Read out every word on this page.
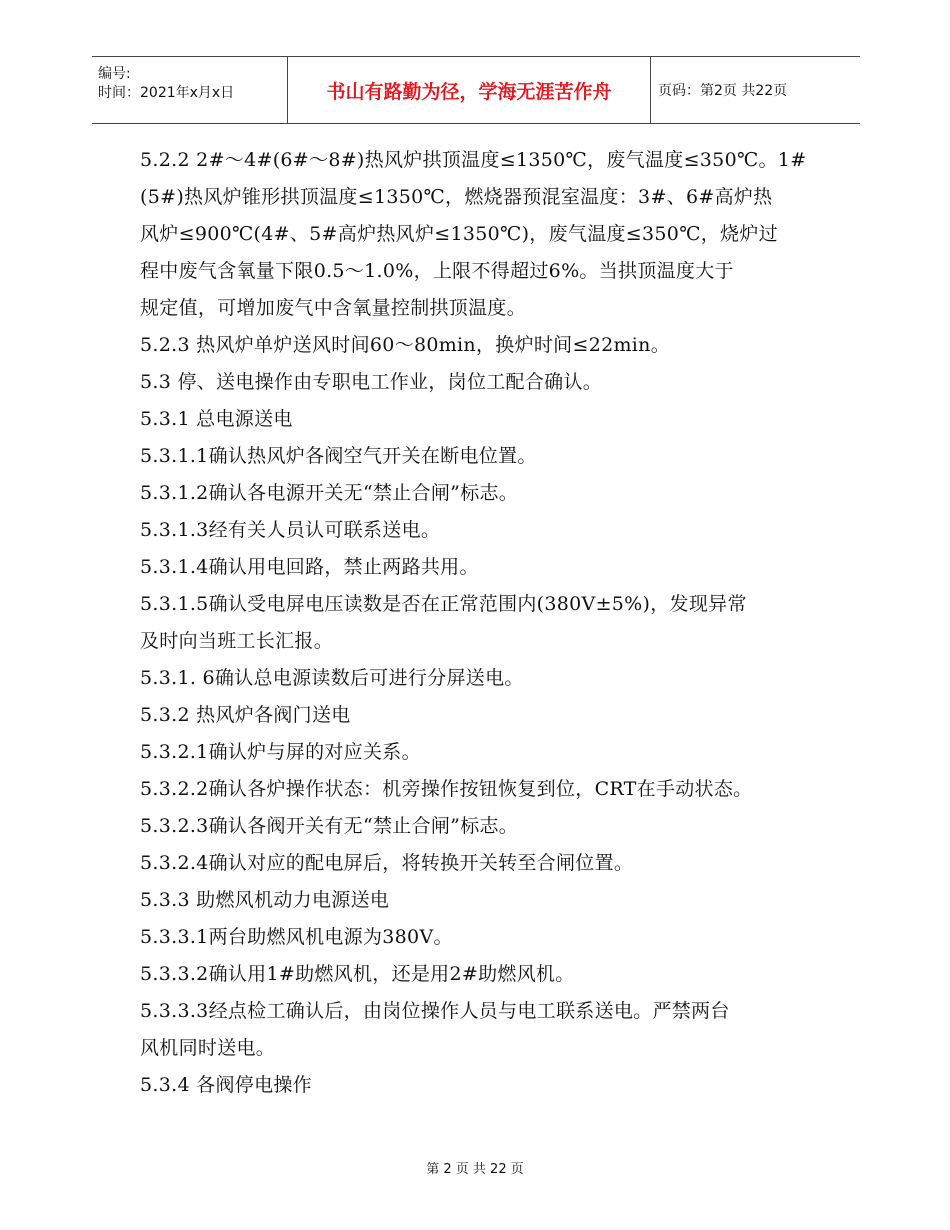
编号:
时间：2021年x月x日	书山有路勤为径，学海无涯苦作舟	页码：第2页 共22页
5.2.2 2#～4#(6#～8#)热风炉拱顶温度≤1350℃，废气温度≤350℃。1#
(5#)热风炉锥形拱顶温度≤1350℃，燃烧器预混室温度：3#、6#高炉热
风炉≤900℃(4#、5#高炉热风炉≤1350℃)，废气温度≤350℃，烧炉过
程中废气含氧量下限0.5～1.0%，上限不得超过6%。当拱顶温度大于
规定值，可增加废气中含氧量控制拱顶温度。
5.2.3 热风炉单炉送风时间60～80min，换炉时间≤22min。
5.3 停、送电操作由专职电工作业，岗位工配合确认。
5.3.1 总电源送电
5.3.1.1确认热风炉各阀空气开关在断电位置。
5.3.1.2确认各电源开关无“禁止合闸”标志。
5.3.1.3经有关人员认可联系送电。
5.3.1.4确认用电回路，禁止两路共用。
5.3.1.5确认受电屏电压读数是否在正常范围内(380V±5%)，发现异常
及时向当班工长汇报。
5.3.1. 6确认总电源读数后可进行分屏送电。
5.3.2 热风炉各阀门送电
5.3.2.1确认炉与屏的对应关系。
5.3.2.2确认各炉操作状态：机旁操作按钮恢复到位，CRT在手动状态。
5.3.2.3确认各阀开关有无“禁止合闸”标志。
5.3.2.4确认对应的配电屏后，将转换开关转至合闸位置。
5.3.3 助燃风机动力电源送电
5.3.3.1两台助燃风机电源为380V。
5.3.3.2确认用1#助燃风机，还是用2#助燃风机。
5.3.3.3经点检工确认后，由岗位操作人员与电工联系送电。严禁两台
风机同时送电。
5.3.4 各阀停电操作
第 2 页 共 22 页
